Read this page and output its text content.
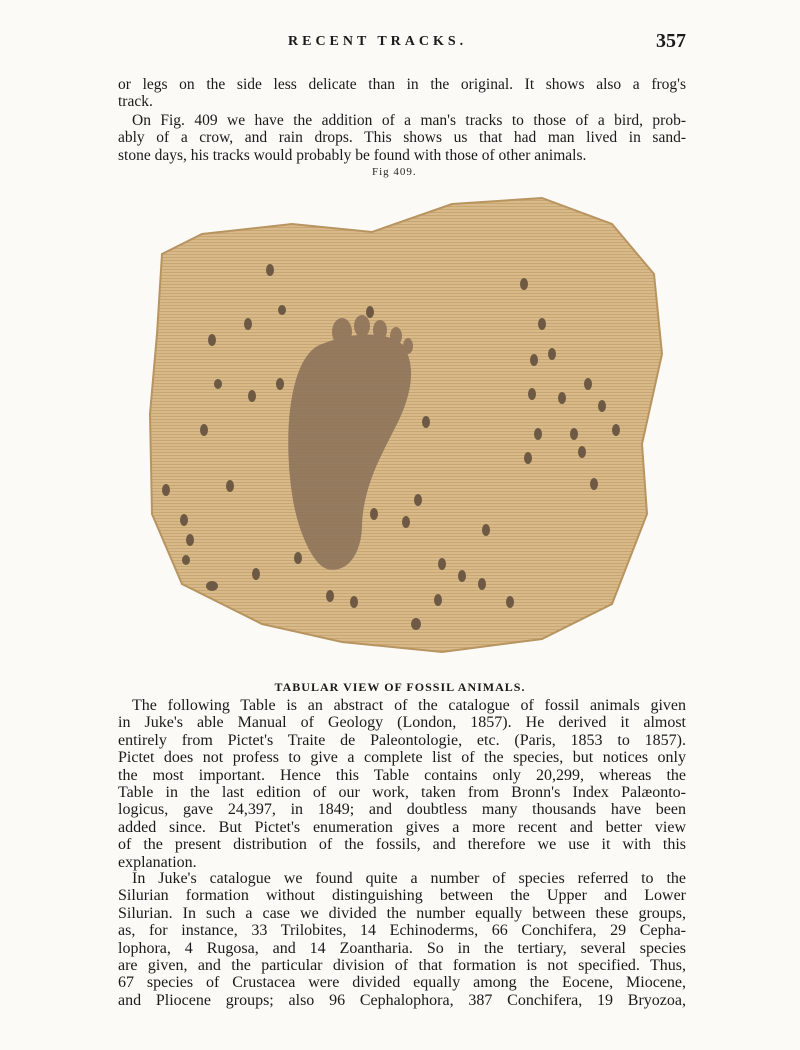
RECENT TRACKS.	357

or legs on the side less delicate than in the original. It shows also a frog's
track.

On Fig. 409 we have the addition of a man's tracks to those of a bird, prob-
ably of a crow, and rain drops. This shows us that had man lived in sand-
stone days, his tracks would probably be found with those of other animals.

Fig 409.
TABULAR VIEW OF FOSSIL ANIMALS.

The following Table is an abstract of the catalogue of fossil animals given
in Juke's able Manual of Geology (London, 1857). He derived it almost
entirely from Pictet's Traite de Paleontologie, etc. (Paris, 1853 to 1857).
Pictet does not profess to give a complete list of the species, but notices only
the most important. Hence this Table contains only 20,299, whereas the
Table in the last edition of our work, taken from Bronn's Index Palæonto-
logicus, gave 24,397, in 1849; and doubtless many thousands have been
added since. But Pictet's enumeration gives a more recent and better view
of the present distribution of the fossils, and therefore we use it with this
explanation.

In Juke's catalogue we found quite a number of species referred to the
Silurian formation without distinguishing between the Upper and Lower
Silurian. In such a case we divided the number equally between these groups,
as, for instance, 33 Trilobites, 14 Echinoderms, 66 Conchifera, 29 Cepha-
lophora, 4 Rugosa, and 14 Zoantharia. So in the tertiary, several species
are given, and the particular division of that formation is not specified. Thus,
67 species of Crustacea were divided equally among the Eocene, Miocene,
and Pliocene groups; also 96 Cephalophora, 387 Conchifera, 19 Bryozoa,
